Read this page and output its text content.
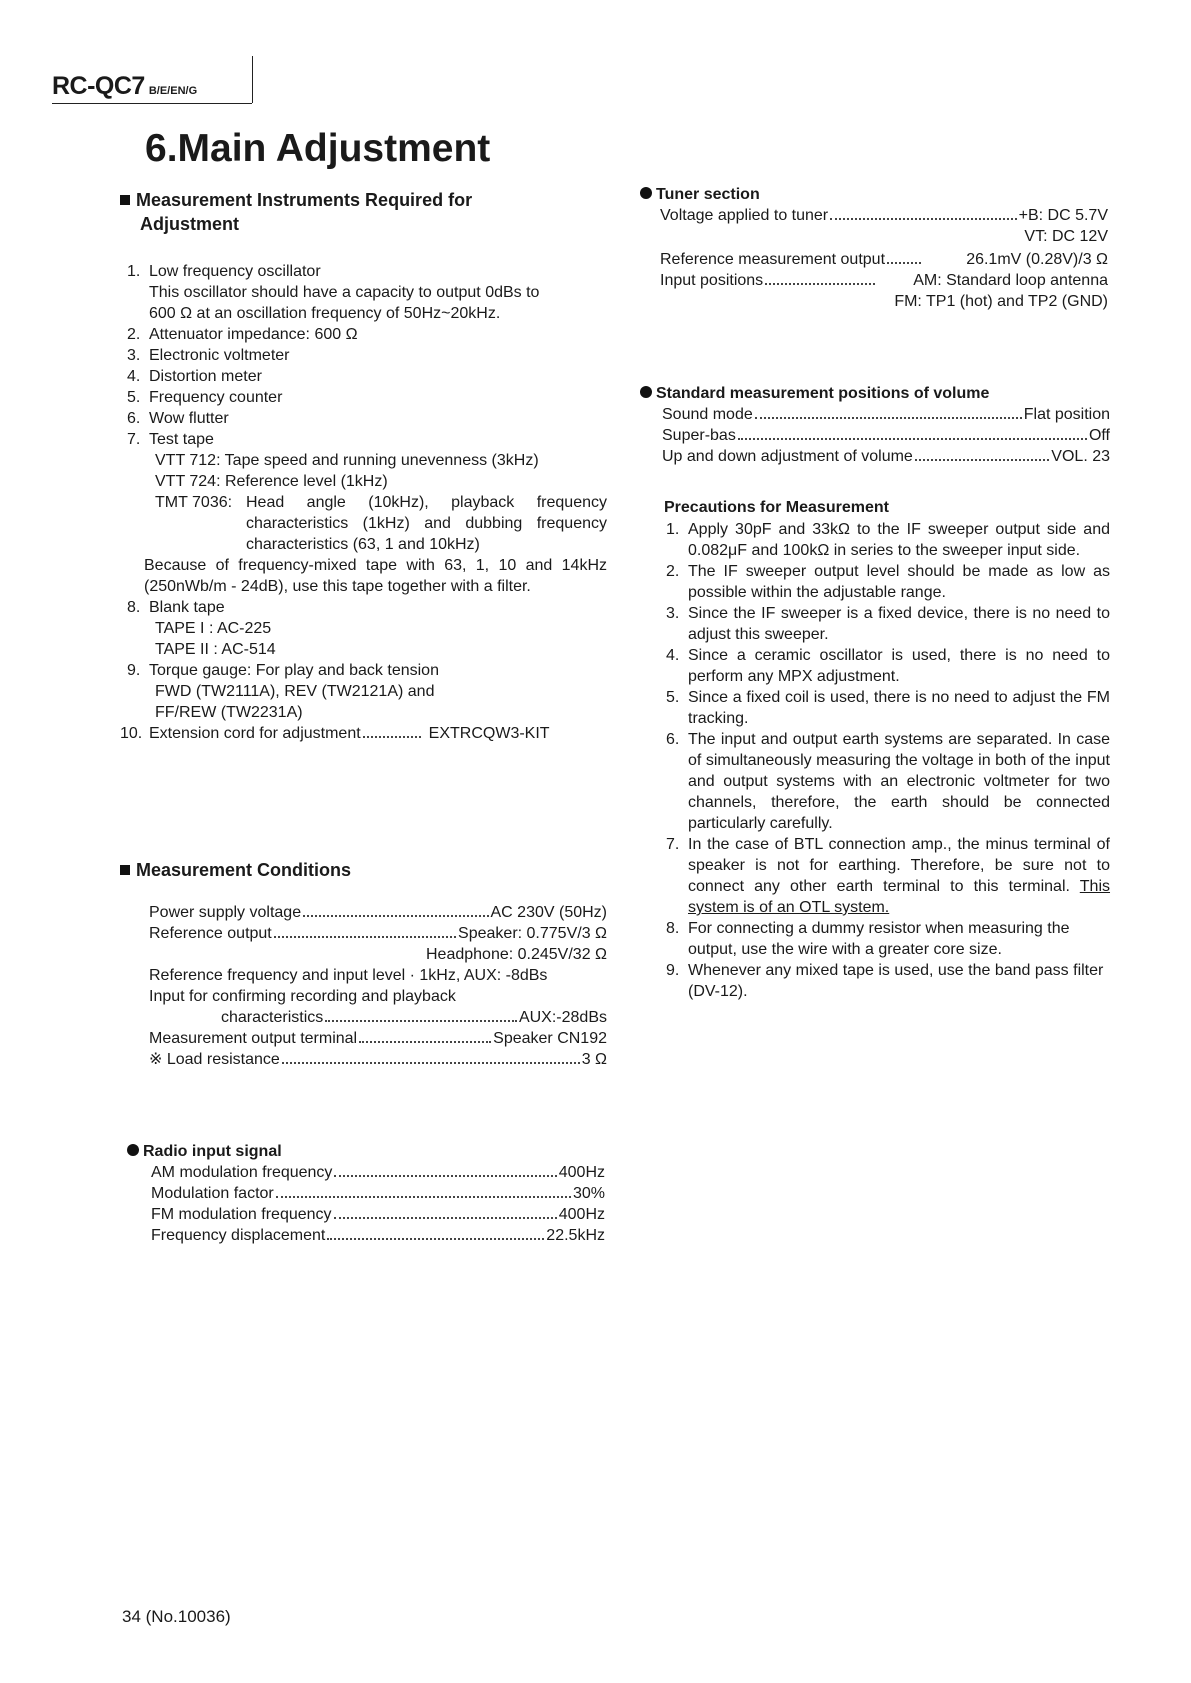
RC-QC7 B/E/EN/G
6.Main Adjustment
Measurement Instruments Required for
Adjustment
1. Low frequency oscillator
This oscillator should have a capacity to output 0dBs to
600 Ω at an oscillation frequency of 50Hz~20kHz.
2. Attenuator impedance: 600 Ω
3. Electronic voltmeter
4. Distortion meter
5. Frequency counter
6. Wow flutter
7. Test tape
VTT 712: Tape speed and running unevenness (3kHz)
VTT 724: Reference level (1kHz)
TMT 7036: Head angle (10kHz), playback frequency characteristics (1kHz) and dubbing frequency characteristics (63, 1 and 10kHz)
Because of frequency-mixed tape with 63, 1, 10 and 14kHz (250nWb/m - 24dB), use this tape together with a filter.
8. Blank tape
TAPE I : AC-225
TAPE II : AC-514
9. Torque gauge: For play and back tension
FWD (TW2111A), REV (TW2121A) and
FF/REW (TW2231A)
10. Extension cord for adjustment	EXTRCQW3-KIT
Measurement Conditions
Power supply voltage	AC 230V (50Hz)
Reference output	Speaker: 0.775V/3 Ω
Headphone: 0.245V/32 Ω
Reference frequency and input level · 1kHz, AUX: -8dBs
Input for confirming recording and playback
characteristics	AUX:-28dBs
Measurement output terminal	Speaker CN192
※ Load resistance	3 Ω
Radio input signal
AM modulation frequency	400Hz
Modulation factor	30%
FM modulation frequency	400Hz
Frequency displacement	22.5kHz
Tuner section
Voltage applied to tuner	+B: DC 5.7V
VT: DC 12V
Reference measurement output	26.1mV (0.28V)/3 Ω
Input positions	AM: Standard loop antenna
FM: TP1 (hot) and TP2 (GND)
Standard measurement positions of volume
Sound mode	Flat position
Super-bas	Off
Up and down adjustment of volume	VOL. 23
Precautions for Measurement
1. Apply 30pF and 33kΩ to the IF sweeper output side and 0.082μF and 100kΩ in series to the sweeper input side.
2. The IF sweeper output level should be made as low as possible within the adjustable range.
3. Since the IF sweeper is a fixed device, there is no need to adjust this sweeper.
4. Since a ceramic oscillator is used, there is no need to perform any MPX adjustment.
5. Since a fixed coil is used, there is no need to adjust the FM tracking.
6. The input and output earth systems are separated. In case of simultaneously measuring the voltage in both of the input and output systems with an electronic voltmeter for two channels, therefore, the earth should be connected particularly carefully.
7. In the case of BTL connection amp., the minus terminal of speaker is not for earthing. Therefore, be sure not to connect any other earth terminal to this terminal. This system is of an OTL system.
8. For connecting a dummy resistor when measuring the output, use the wire with a greater core size.
9. Whenever any mixed tape is used, use the band pass filter (DV-12).
34 (No.10036)
